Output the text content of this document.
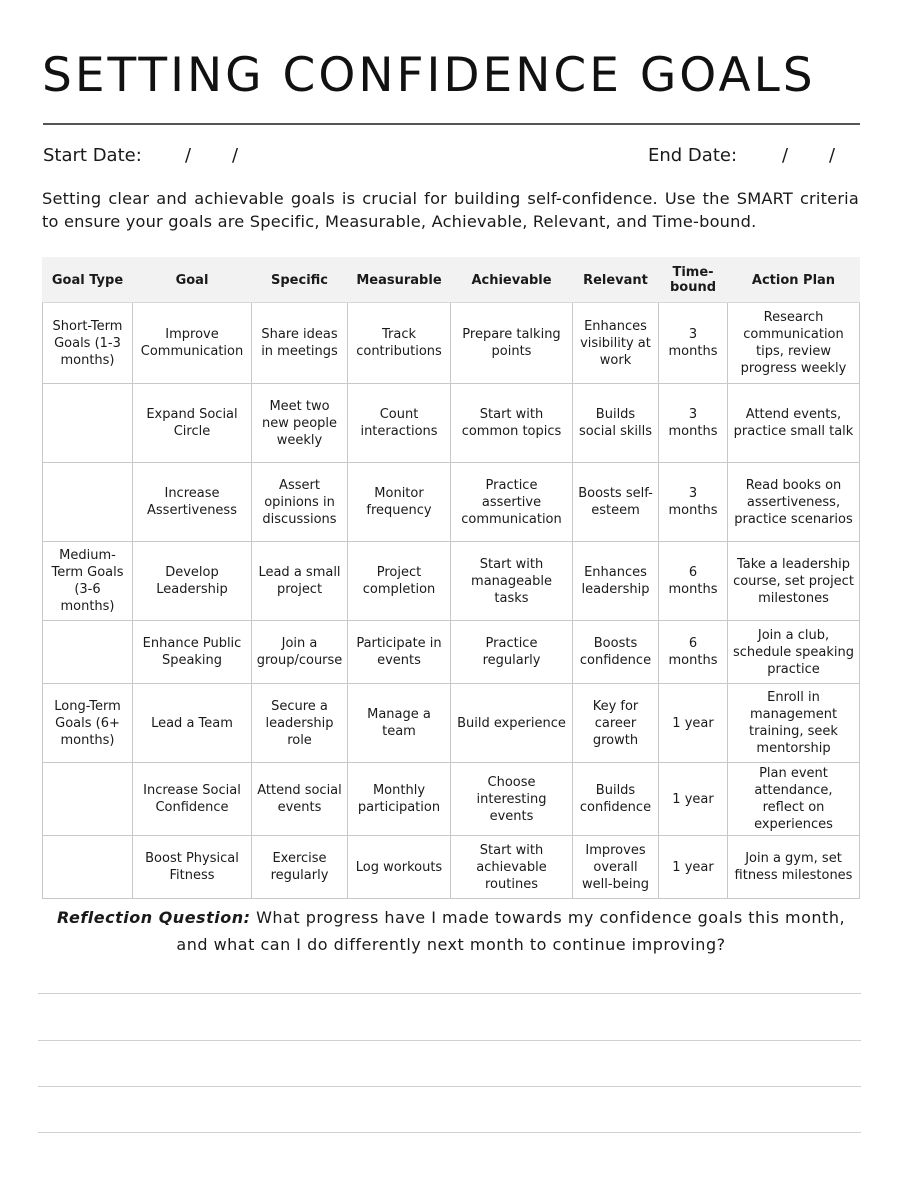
SETTING CONFIDENCE GOALS
Start Date: / /	End Date: / /
Setting clear and achievable goals is crucial for building self-confidence. Use the SMART criteria to ensure your goals are Specific, Measurable, Achievable, Relevant, and Time-bound.
Goal Type	Goal	Specific	Measurable	Achievable	Relevant	Time-bound	Action Plan
Short-Term Goals (1-3 months)	Improve Communication	Share ideas in meetings	Track contributions	Prepare talking points	Enhances visibility at work	3 months	Research communication tips, review progress weekly
	Expand Social Circle	Meet two new people weekly	Count interactions	Start with common topics	Builds social skills	3 months	Attend events, practice small talk
	Increase Assertiveness	Assert opinions in discussions	Monitor frequency	Practice assertive communication	Boosts self-esteem	3 months	Read books on assertiveness, practice scenarios
Medium-Term Goals (3-6 months)	Develop Leadership	Lead a small project	Project completion	Start with manageable tasks	Enhances leadership	6 months	Take a leadership course, set project milestones
	Enhance Public Speaking	Join a group/course	Participate in events	Practice regularly	Boosts confidence	6 months	Join a club, schedule speaking practice
Long-Term Goals (6+ months)	Lead a Team	Secure a leadership role	Manage a team	Build experience	Key for career growth	1 year	Enroll in management training, seek mentorship
	Increase Social Confidence	Attend social events	Monthly participation	Choose interesting events	Builds confidence	1 year	Plan event attendance, reflect on experiences
	Boost Physical Fitness	Exercise regularly	Log workouts	Start with achievable routines	Improves overall well-being	1 year	Join a gym, set fitness milestones
Reflection Question: What progress have I made towards my confidence goals this month, and what can I do differently next month to continue improving?
